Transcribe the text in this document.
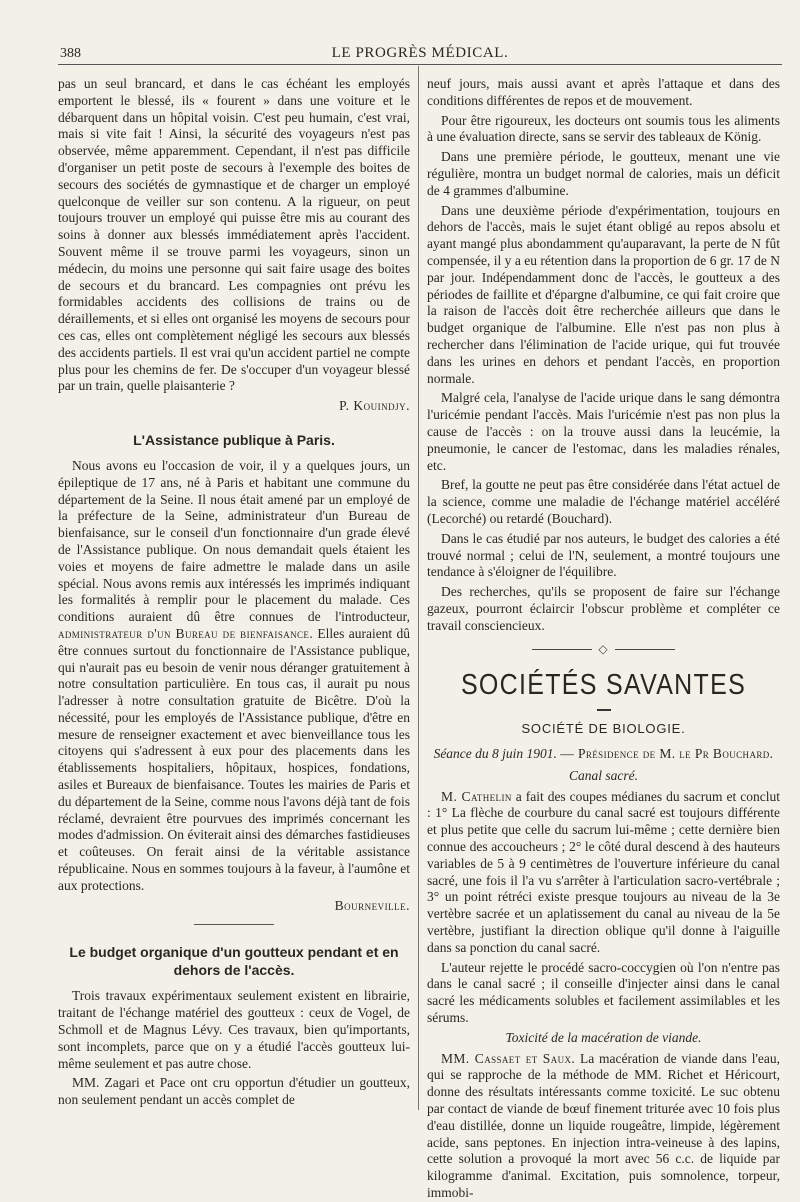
388	LE PROGRÈS MÉDICAL.

pas un seul brancard, et dans le cas échéant les employés emportent le blessé, ils « fourent » dans une voiture et le débarquent dans un hôpital voisin. C'est peu humain, c'est vrai, mais si vite fait ! Ainsi, la sécurité des voyageurs n'est pas observée, même apparemment. Cependant, il n'est pas difficile d'organiser un petit poste de secours à l'exemple des boites de secours des sociétés de gymnastique et de charger un employé quelconque de veiller sur son contenu. A la rigueur, on peut toujours trouver un employé qui puisse être mis au courant des soins à donner aux blessés immédiatement après l'accident. Souvent même il se trouve parmi les voyageurs, sinon un médecin, du moins une personne qui sait faire usage des boites de secours et du brancard. Les compagnies ont prévu les formidables accidents des collisions de trains ou de déraillements, et si elles ont organisé les moyens de secours pour ces cas, elles ont complètement négligé les secours aux blessés des accidents partiels. Il est vrai qu'un accident partiel ne compte plus pour les chemins de fer. De s'occuper d'un voyageur blessé par un train, quelle plaisanterie ?

P. Kouindjy.

L'Assistance publique à Paris.

Nous avons eu l'occasion de voir, il y a quelques jours, un épileptique de 17 ans, né à Paris et habitant une commune du département de la Seine. Il nous était amené par un employé de la préfecture de la Seine, administrateur d'un Bureau de bienfaisance, sur le conseil d'un fonctionnaire d'un grade élevé de l'Assistance publique. On nous demandait quels étaient les voies et moyens de faire admettre le malade dans un asile spécial. Nous avons remis aux intéressés les imprimés indiquant les formalités à remplir pour le placement du malade. Ces conditions auraient dû être connues de l'introducteur, administrateur d'un Bureau de bienfaisance. Elles auraient dû être connues surtout du fonctionnaire de l'Assistance publique, qui n'aurait pas eu besoin de venir nous déranger gratuitement à notre consultation particulière. En tous cas, il aurait pu nous l'adresser à notre consultation gratuite de Bicêtre. D'où la nécessité, pour les employés de l'Assistance publique, d'être en mesure de renseigner exactement et avec bienveillance tous les citoyens qui s'adressent à eux pour des placements dans les établissements hospitaliers, hôpitaux, hospices, fondations, asiles et Bureaux de bienfaisance. Toutes les mairies de Paris et du département de la Seine, comme nous l'avons déjà tant de fois réclamé, devraient être pourvues des imprimés concernant les modes d'admission. On éviterait ainsi des démarches fastidieuses et coûteuses. On ferait ainsi de la véritable assistance républicaine. Nous en sommes toujours à la faveur, à l'aumône et aux protections.

Bourneville.

Le budget organique d'un goutteux pendant et en dehors de l'accès.

Trois travaux expérimentaux seulement existent en librairie, traitant de l'échange matériel des goutteux : ceux de Vogel, de Schmoll et de Magnus Lévy. Ces travaux, bien qu'importants, sont incomplets, parce que on y a étudié l'accès goutteux lui-même seulement et pas autre chose.

MM. Zagari et Pace ont cru opportun d'étudier un goutteux, non seulement pendant un accès complet de

neuf jours, mais aussi avant et après l'attaque et dans des conditions différentes de repos et de mouvement.

Pour être rigoureux, les docteurs ont soumis tous les aliments à une évaluation directe, sans se servir des tableaux de König.

Dans une première période, le goutteux, menant une vie régulière, montra un budget normal de calories, mais un déficit de 4 grammes d'albumine.

Dans une deuxième période d'expérimentation, toujours en dehors de l'accès, mais le sujet étant obligé au repos absolu et ayant mangé plus abondamment qu'auparavant, la perte de N fût compensée, il y a eu rétention dans la proportion de 6 gr. 17 de N par jour. Indépendamment donc de l'accès, le goutteux a des périodes de faillite et d'épargne d'albumine, ce qui fait croire que la raison de l'accès doit être recherchée ailleurs que dans le budget organique de l'albumine. Elle n'est pas non plus à rechercher dans l'élimination de l'acide urique, qui fut trouvée dans les urines en dehors et pendant l'accès, en proportion normale.

Malgré cela, l'analyse de l'acide urique dans le sang démontra l'uricémie pendant l'accès. Mais l'uricémie n'est pas non plus la cause de l'accès : on la trouve aussi dans la leucémie, la pneumonie, le cancer de l'estomac, dans les maladies rénales, etc.

Bref, la goutte ne peut pas être considérée dans l'état actuel de la science, comme une maladie de l'échange matériel accéléré (Lecorché) ou retardé (Bouchard).

Dans le cas étudié par nos auteurs, le budget des calories a été trouvé normal ; celui de l'N, seulement, a montré toujours une tendance à s'éloigner de l'équilibre.

Des recherches, qu'ils se proposent de faire sur l'échange gazeux, pourront éclaircir l'obscur problème et compléter ce travail consciencieux.

◇
SOCIÉTÉS SAVANTES
SOCIÉTÉ DE BIOLOGIE.

Séance du 8 juin 1901. — Présidence de M. le Pr Bouchard.

Canal sacré.

M. Cathelin a fait des coupes médianes du sacrum et conclut : 1° La flèche de courbure du canal sacré est toujours différente et plus petite que celle du sacrum lui-même ; cette dernière bien connue des accoucheurs ; 2° le côté dural descend à des hauteurs variables de 5 à 9 centimètres de l'ouverture inférieure du canal sacré, une fois il l'a vu s'arrêter à l'articulation sacro-vertébrale ; 3° un point rétréci existe presque toujours au niveau de la 3e vertèbre sacrée et un aplatissement du canal au niveau de la 5e vertèbre, justifiant la direction oblique qu'il donne à l'aiguille dans sa ponction du canal sacré.

L'auteur rejette le procédé sacro-coccygien où l'on n'entre pas dans le canal sacré ; il conseille d'injecter ainsi dans le canal sacré les médicaments solubles et facilement assimilables et les sérums.

Toxicité de la macération de viande.

MM. Cassaet et Saux. La macération de viande dans l'eau, qui se rapproche de la méthode de MM. Richet et Héricourt, donne des résultats intéressants comme toxicité. Le suc obtenu par contact de viande de bœuf finement triturée avec 10 fois plus d'eau distillée, donne un liquide rougeâtre, limpide, légèrement acide, sans peptones. En injection intra-veineuse à des lapins, cette solution a provoqué la mort avec 56 c.c. de liquide par kilogramme d'animal. Excitation, puis somnolence, torpeur, immobi-
